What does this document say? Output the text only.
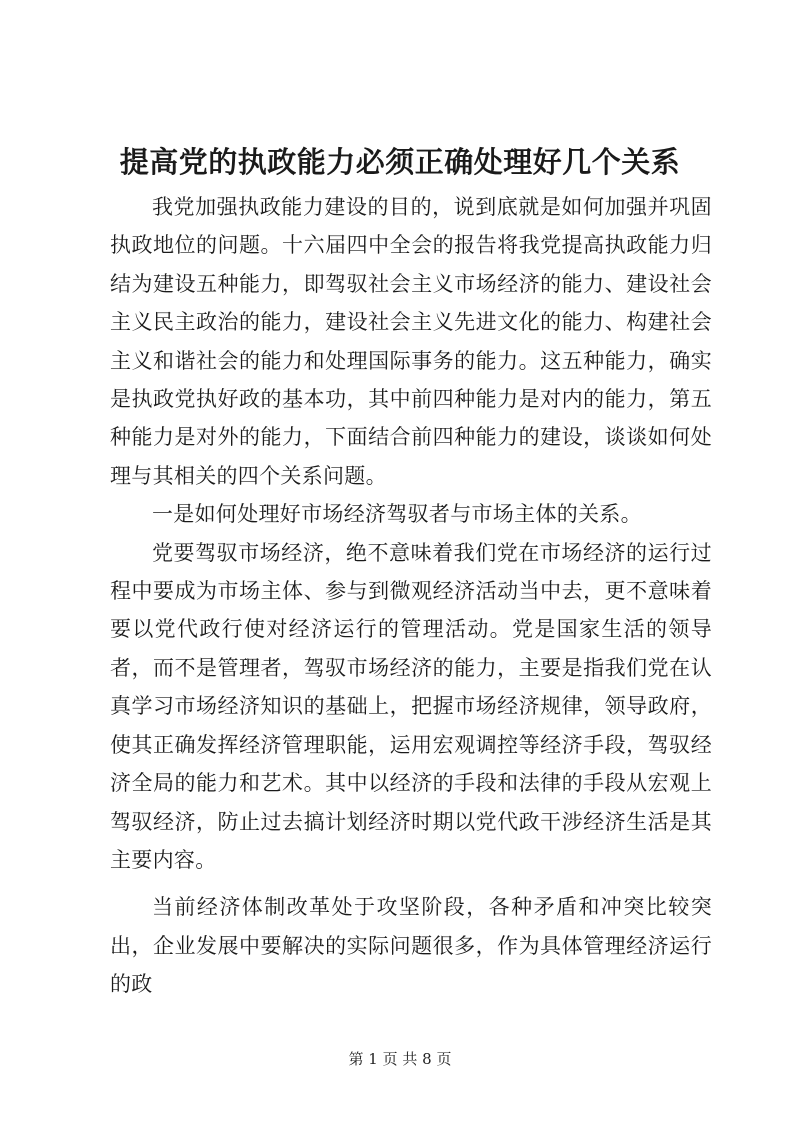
提高党的执政能力必须正确处理好几个关系

我党加强执政能力建设的目的，说到底就是如何加强并巩固执政地位的问题。十六届四中全会的报告将我党提高执政能力归结为建设五种能力，即驾驭社会主义市场经济的能力、建设社会主义民主政治的能力，建设社会主义先进文化的能力、构建社会主义和谐社会的能力和处理国际事务的能力。这五种能力，确实是执政党执好政的基本功，其中前四种能力是对内的能力，第五种能力是对外的能力，下面结合前四种能力的建设，谈谈如何处理与其相关的四个关系问题。

一是如何处理好市场经济驾驭者与市场主体的关系。

党要驾驭市场经济，绝不意味着我们党在市场经济的运行过程中要成为市场主体、参与到微观经济活动当中去，更不意味着要以党代政行使对经济运行的管理活动。党是国家生活的领导者，而不是管理者，驾驭市场经济的能力，主要是指我们党在认真学习市场经济知识的基础上，把握市场经济规律，领导政府，使其正确发挥经济管理职能，运用宏观调控等经济手段，驾驭经济全局的能力和艺术。其中以经济的手段和法律的手段从宏观上驾驭经济，防止过去搞计划经济时期以党代政干涉经济生活是其主要内容。

当前经济体制改革处于攻坚阶段，各种矛盾和冲突比较突出，企业发展中要解决的实际问题很多，作为具体管理经济运行的政

第 1 页 共 8 页
